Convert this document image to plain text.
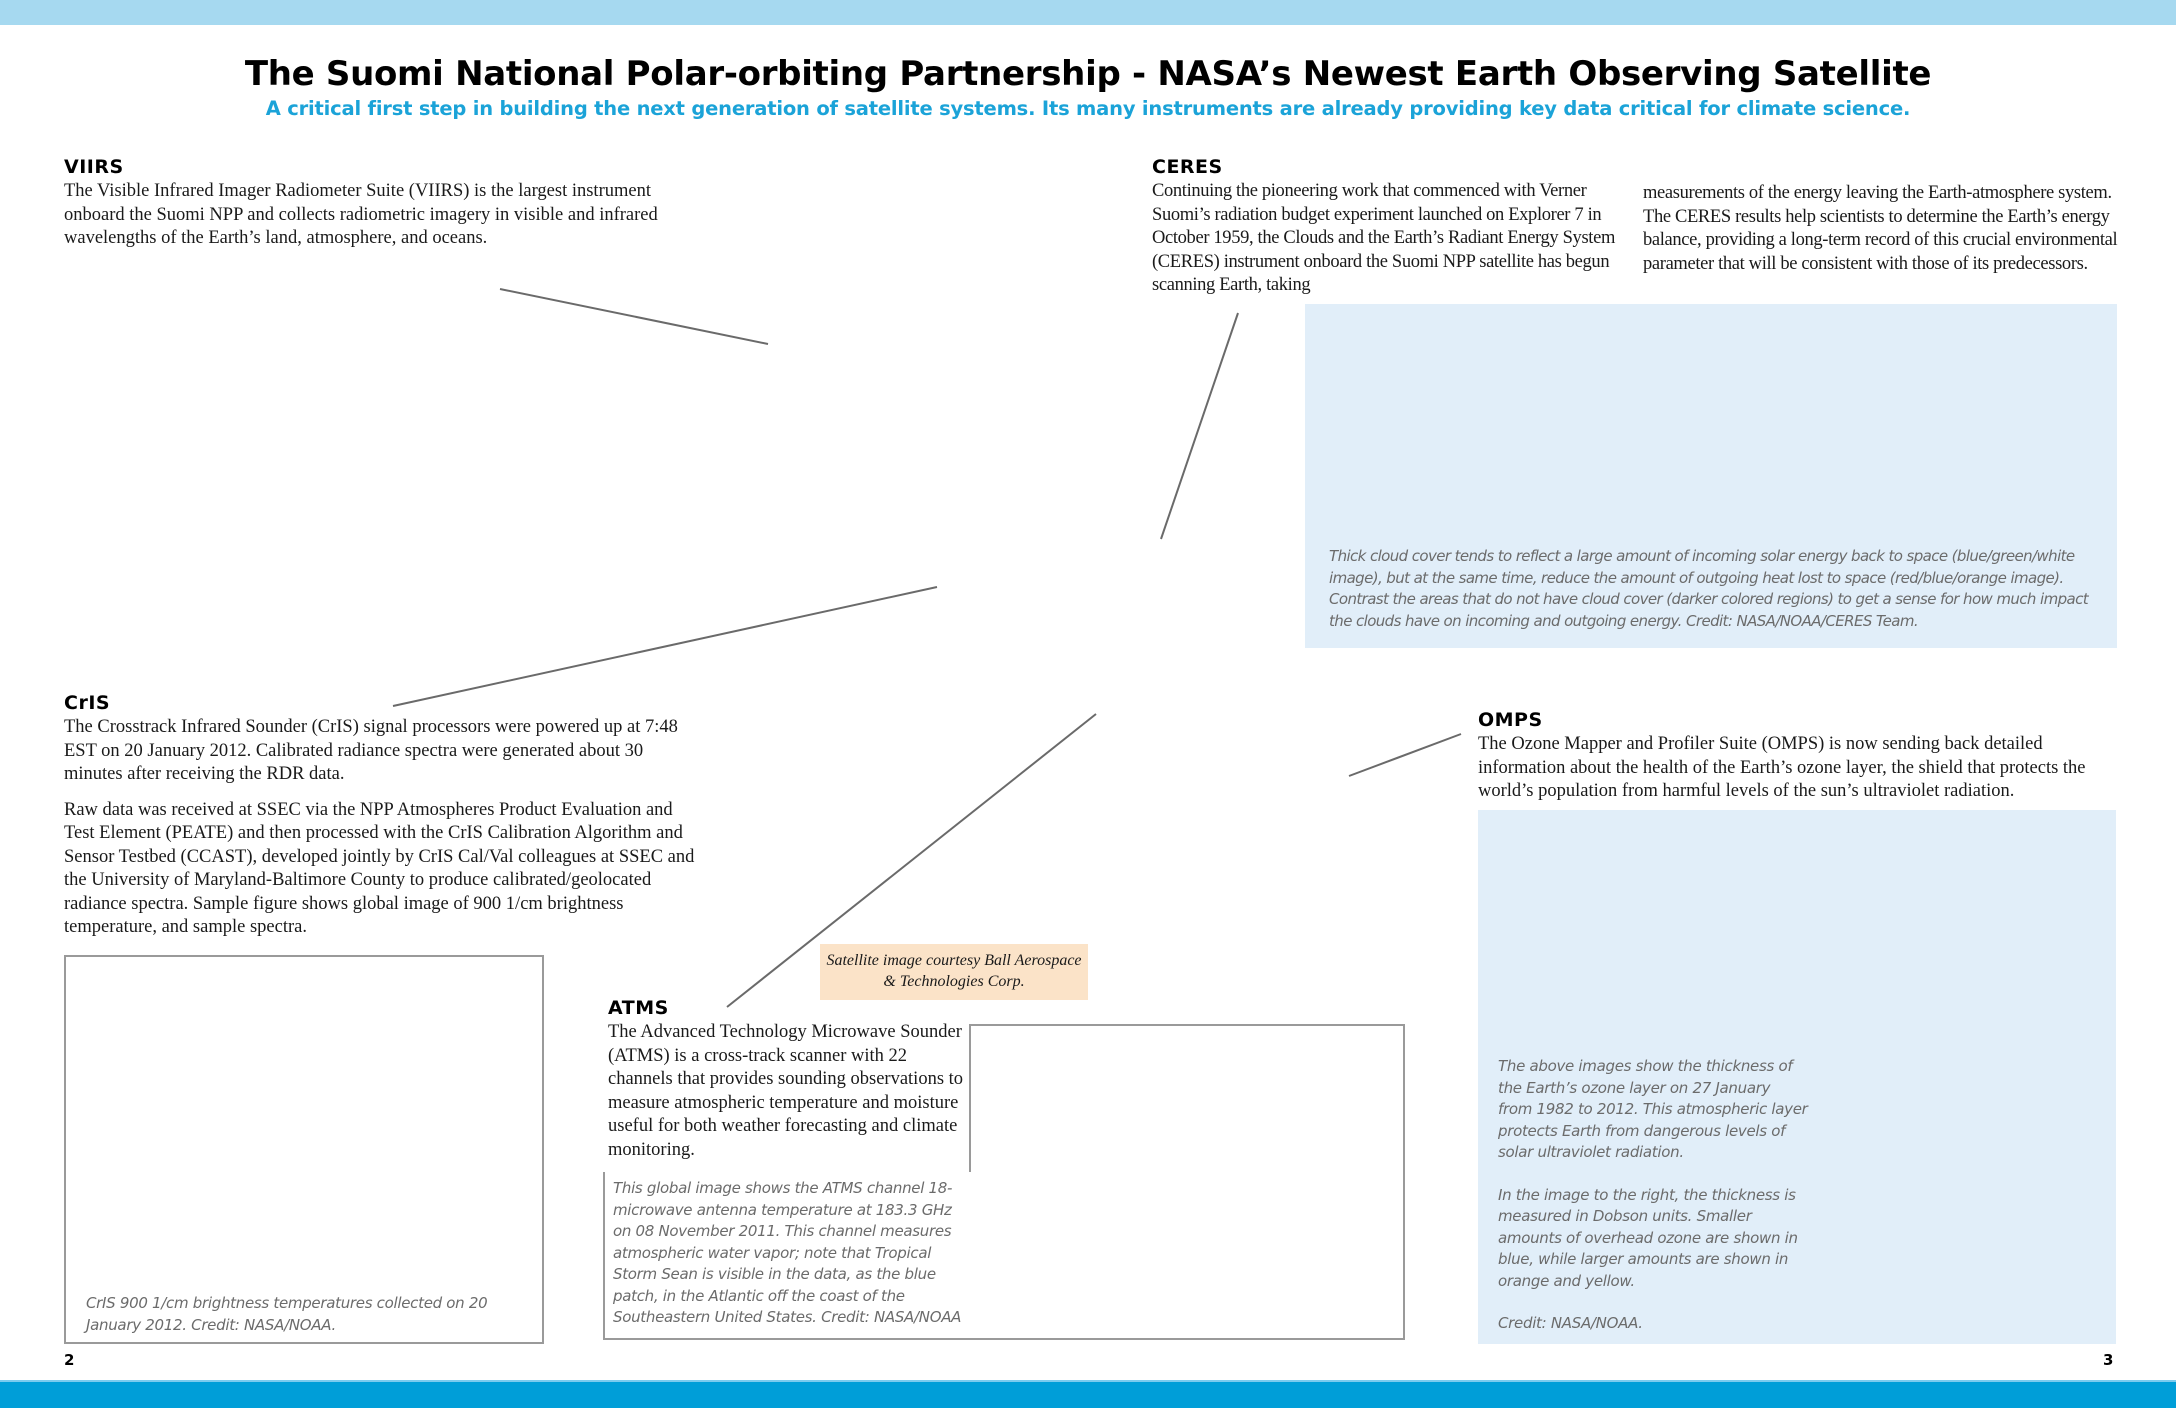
The Suomi National Polar-orbiting Partnership - NASA’s Newest Earth Observing Satellite
A critical first step in building the next generation of satellite systems. Its many instruments are already providing key data critical for climate science.
VIIRS
The Visible Infrared Imager Radiometer Suite (VIIRS) is the largest instrument onboard the Suomi NPP and collects radiometric imagery in visible and infrared wavelengths of the Earth’s land, atmosphere, and oceans.
CERES
Continuing the pioneering work that commenced with Verner Suomi’s radiation budget experiment launched on Explorer 7 in October 1959, the Clouds and the Earth’s Radiant Energy System (CERES) instrument onboard the Suomi NPP satellite has begun scanning Earth, taking
measurements of the energy leaving the Earth-atmosphere system. The CERES results help scientists to determine the Earth’s energy balance, providing a long-term record of this crucial environmental parameter that will be consistent with those of its predecessors.
Thick cloud cover tends to reflect a large amount of incoming solar energy back to space (blue/green/white image), but at the same time, reduce the amount of outgoing heat lost to space (red/blue/orange image). Contrast the areas that do not have cloud cover (darker colored regions) to get a sense for how much impact the clouds have on incoming and outgoing energy. Credit: NASA/NOAA/CERES Team.
CrIS

The Crosstrack Infrared Sounder (CrIS) signal processors were powered up at 7:48 EST on 20 January 2012. Calibrated radiance spectra were generated about 30 minutes after receiving the RDR data.

Raw data was received at SSEC via the NPP Atmospheres Product Evaluation and Test Element (PEATE) and then processed with the CrIS Calibration Algorithm and Sensor Testbed (CCAST), developed jointly by CrIS Cal/Val colleagues at SSEC and the University of Maryland-Baltimore County to produce calibrated/geolocated radiance spectra. Sample figure shows global image of 900 1/cm brightness temperature, and sample spectra.

CrIS 900 1/cm brightness temperatures collected on 20 January 2012. Credit: NASA/NOAA.
Satellite image courtesy Ball Aerospace & Technologies Corp.
ATMS
The Advanced Technology Microwave Sounder (ATMS) is a cross-track scanner with 22 channels that provides sounding observations to measure atmospheric temperature and moisture useful for both weather forecasting and climate monitoring.
This global image shows the ATMS channel 18-microwave antenna temperature at 183.3 GHz on 08 November 2011. This channel measures atmospheric water vapor; note that Tropical Storm Sean is visible in the data, as the blue patch, in the Atlantic off the coast of the Southeastern United States. Credit: NASA/NOAA
OMPS
The Ozone Mapper and Profiler Suite (OMPS) is now sending back detailed information about the health of the Earth’s ozone layer, the shield that protects the world’s population from harmful levels of the sun’s ultraviolet radiation.

The above images show the thickness of the Earth’s ozone layer on 27 January from 1982 to 2012. This atmospheric layer protects Earth from dangerous levels of solar ultraviolet radiation.

In the image to the right, the thickness is measured in Dobson units. Smaller amounts of overhead ozone are shown in blue, while larger amounts are shown in orange and yellow.

Credit: NASA/NOAA.

2	3
